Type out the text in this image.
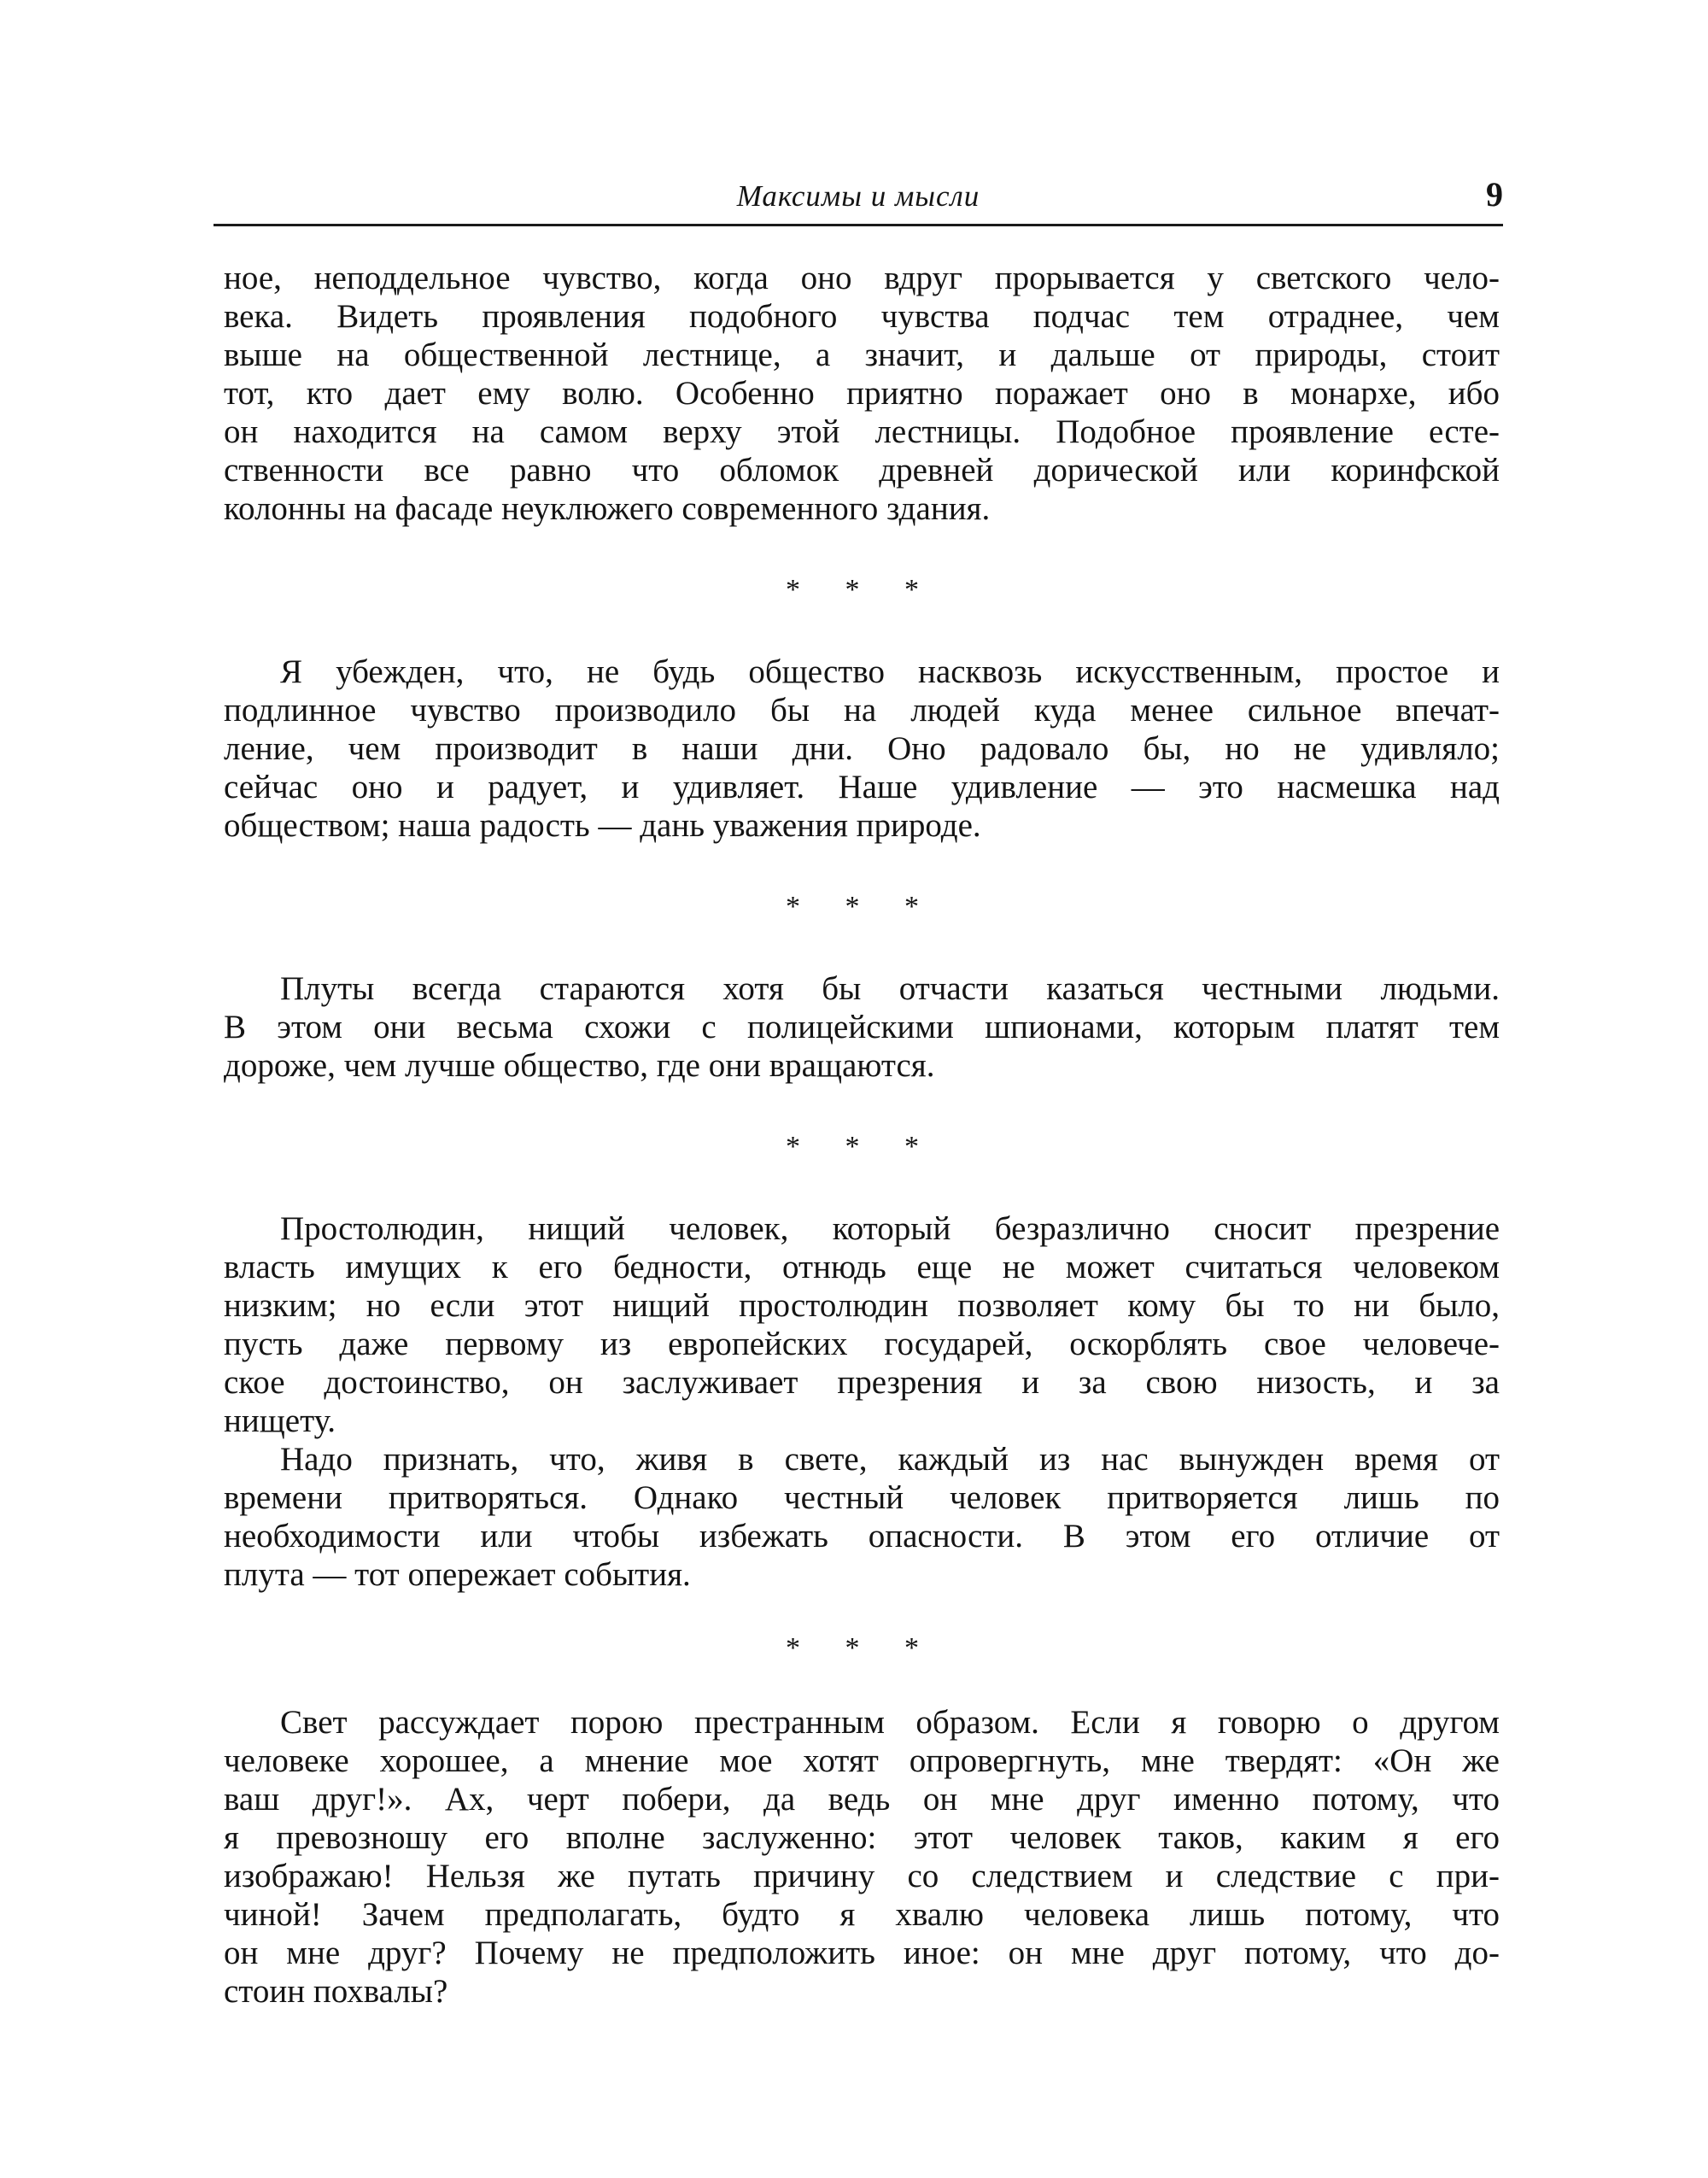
Максимы и мысли	9
ное, неподдельное чувство, когда оно вдруг прорывается у светского чело-
века. Видеть проявления подобного чувства подчас тем отраднее, чем
выше на общественной лестнице, а значит, и дальше от природы, стоит
тот, кто дает ему волю. Особенно приятно поражает оно в монархе, ибо
он находится на самом верху этой лестницы. Подобное проявление есте-
ственности все равно что обломок древней дорической или коринфской
колонны на фасаде неуклюжего современного здания.
* * *
Я убежден, что, не будь общество насквозь искусственным, простое и
подлинное чувство производило бы на людей куда менее сильное впечат-
ление, чем производит в наши дни. Оно радовало бы, но не удивляло;
сейчас оно и радует, и удивляет. Наше удивление — это насмешка над
обществом; наша радость — дань уважения природе.
* * *
Плуты всегда стараются хотя бы отчасти казаться честными людьми.
В этом они весьма схожи с полицейскими шпионами, которым платят тем
дороже, чем лучше общество, где они вращаются.
* * *
Простолюдин, нищий человек, который безразлично сносит презрение
власть имущих к его бедности, отнюдь еще не может считаться человеком
низким; но если этот нищий простолюдин позволяет кому бы то ни было,
пусть даже первому из европейских государей, оскорблять свое человече-
ское достоинство, он заслуживает презрения и за свою низость, и за
нищету.
Надо признать, что, живя в свете, каждый из нас вынужден время от
времени притворяться. Однако честный человек притворяется лишь по
необходимости или чтобы избежать опасности. В этом его отличие от
плута — тот опережает события.
* * *
Свет рассуждает порою престранным образом. Если я говорю о другом
человеке хорошее, а мнение мое хотят опровергнуть, мне твердят: «Он же
ваш друг!». Ах, черт побери, да ведь он мне друг именно потому, что
я превозношу его вполне заслуженно: этот человек таков, каким я его
изображаю! Нельзя же путать причину со следствием и следствие с при-
чиной! Зачем предполагать, будто я хвалю человека лишь потому, что
он мне друг? Почему не предположить иное: он мне друг потому, что до-
стоин похвалы?
